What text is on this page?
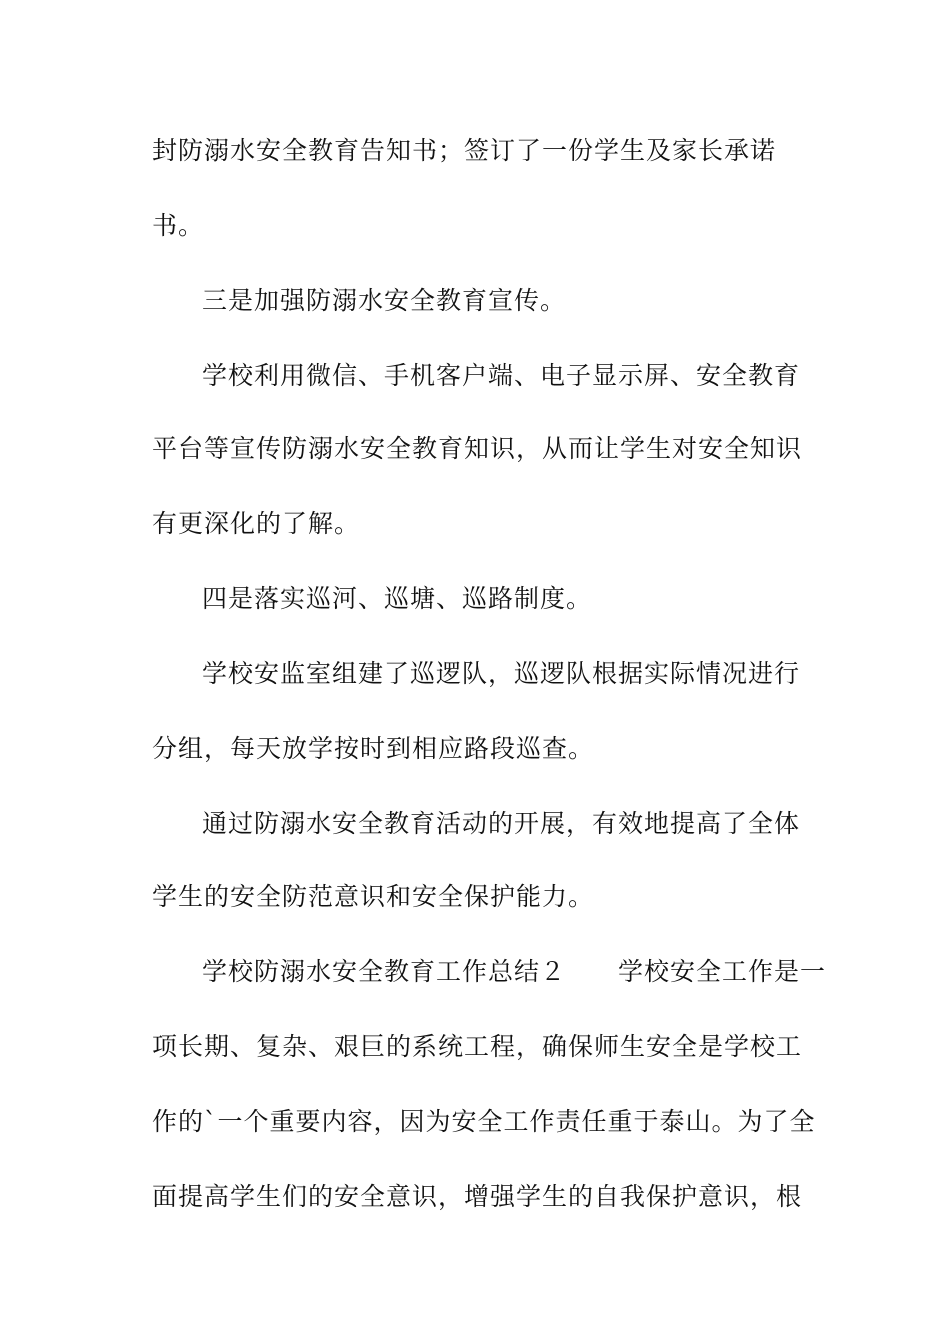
封防溺水安全教育告知书；签订了一份学生及家长承诺
书。
三是加强防溺水安全教育宣传。
学校利用微信、手机客户端、电子显示屏、安全教育
平台等宣传防溺水安全教育知识，从而让学生对安全知识
有更深化的了解。
四是落实巡河、巡塘、巡路制度。
学校安监室组建了巡逻队，巡逻队根据实际情况进行
分组，每天放学按时到相应路段巡查。
通过防溺水安全教育活动的开展，有效地提高了全体
学生的安全防范意识和安全保护能力。
学校防溺水安全教育工作总结２　　学校安全工作是一
项长期、复杂、艰巨的系统工程，确保师生安全是学校工
作的`一个重要内容，因为安全工作责任重于泰山。为了全
面提高学生们的安全意识，增强学生的自我保护意识，根
